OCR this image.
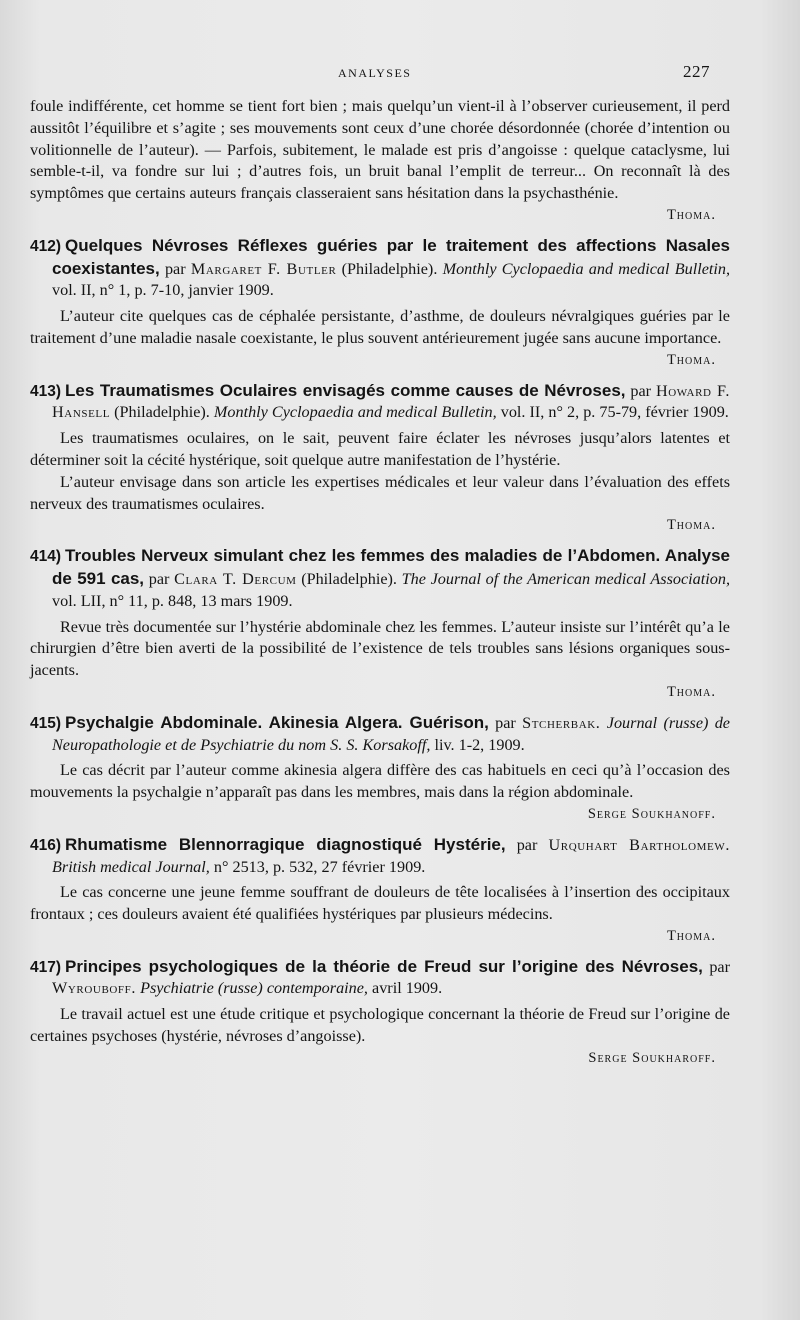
ANALYSES	227

foule indifférente, cet homme se tient fort bien ; mais quelqu’un vient-il à l’observer curieusement, il perd aussitôt l’équilibre et s’agite ; ses mouvements sont ceux d’une chorée désordonnée (chorée d’intention ou volitionnelle de l’auteur). — Parfois, subitement, le malade est pris d’angoisse : quelque cataclysme, lui semble-t-il, va fondre sur lui ; d’autres fois, un bruit banal l’emplit de terreur... On reconnaît là des symptômes que certains auteurs français classeraient sans hésitation dans la psychasthénie.

Thoma.

412) Quelques Névroses Réflexes guéries par le traitement des affections Nasales coexistantes, par Margaret F. Butler (Philadelphie). Monthly Cyclopaedia and medical Bulletin, vol. II, n° 1, p. 7-10, janvier 1909.

L’auteur cite quelques cas de céphalée persistante, d’asthme, de douleurs névralgiques guéries par le traitement d’une maladie nasale coexistante, le plus souvent antérieurement jugée sans aucune importance.

Thoma.

413) Les Traumatismes Oculaires envisagés comme causes de Névroses, par Howard F. Hansell (Philadelphie). Monthly Cyclopaedia and medical Bulletin, vol. II, n° 2, p. 75-79, février 1909.

Les traumatismes oculaires, on le sait, peuvent faire éclater les névroses jusqu’alors latentes et déterminer soit la cécité hystérique, soit quelque autre manifestation de l’hystérie.

L’auteur envisage dans son article les expertises médicales et leur valeur dans l’évaluation des effets nerveux des traumatismes oculaires.

Thoma.

414) Troubles Nerveux simulant chez les femmes des maladies de l’Abdomen. Analyse de 591 cas, par Clara T. Dercum (Philadelphie). The Journal of the American medical Association, vol. LII, n° 11, p. 848, 13 mars 1909.

Revue très documentée sur l’hystérie abdominale chez les femmes. L’auteur insiste sur l’intérêt qu’a le chirurgien d’être bien averti de la possibilité de l’existence de tels troubles sans lésions organiques sous-jacents.

Thoma.

415) Psychalgie Abdominale. Akinesia Algera. Guérison, par Stcherbak. Journal (russe) de Neuropathologie et de Psychiatrie du nom S. S. Korsakoff, liv. 1-2, 1909.

Le cas décrit par l’auteur comme akinesia algera diffère des cas habituels en ceci qu’à l’occasion des mouvements la psychalgie n’apparaît pas dans les membres, mais dans la région abdominale.

Serge Soukhanoff.

416) Rhumatisme Blennorragique diagnostiqué Hystérie, par Urquhart Bartholomew. British medical Journal, n° 2513, p. 532, 27 février 1909.

Le cas concerne une jeune femme souffrant de douleurs de tête localisées à l’insertion des occipitaux frontaux ; ces douleurs avaient été qualifiées hystériques par plusieurs médecins.

Thoma.

417) Principes psychologiques de la théorie de Freud sur l’origine des Névroses, par Wyrouboff. Psychiatrie (russe) contemporaine, avril 1909.

Le travail actuel est une étude critique et psychologique concernant la théorie de Freud sur l’origine de certaines psychoses (hystérie, névroses d’angoisse).

Serge Soukharoff.
